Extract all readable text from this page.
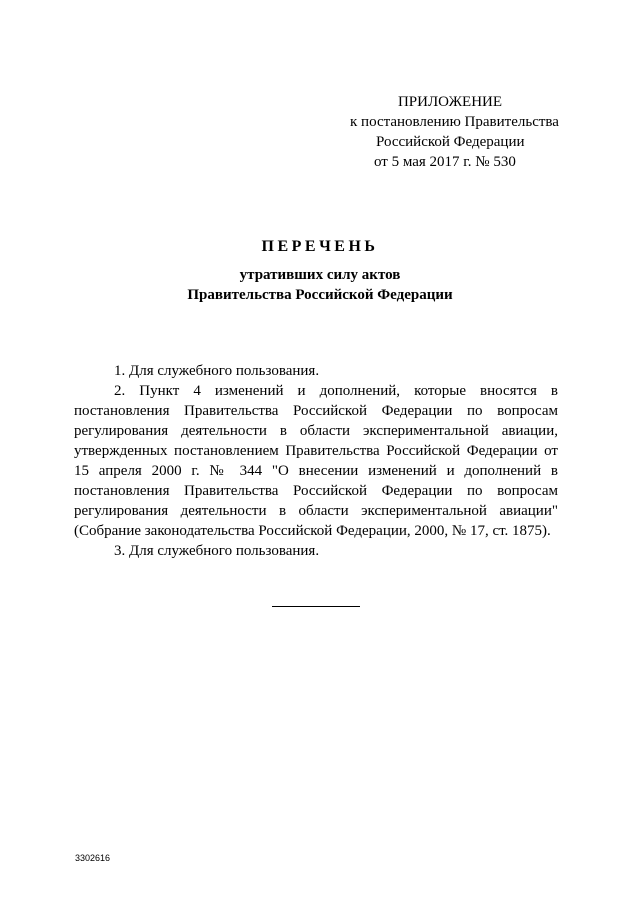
ПРИЛОЖЕНИЕ
к постановлению Правительства
Российской Федерации
от 5 мая 2017 г. № 530
ПЕРЕЧЕНЬ
утративших силу актов
Правительства Российской Федерации

1. Для служебного пользования.

2. Пункт 4 изменений и дополнений, которые вносятся в постановления Правительства Российской Федерации по вопросам регулирования деятельности в области экспериментальной авиации, утвержденных постановлением Правительства Российской Федерации от 15 апреля 2000 г. № 344 "О внесении изменений и дополнений в постановления Правительства Российской Федерации по вопросам регулирования деятельности в области экспериментальной авиации" (Собрание законодательства Российской Федерации, 2000, № 17, ст. 1875).

3. Для служебного пользования.

3302616
